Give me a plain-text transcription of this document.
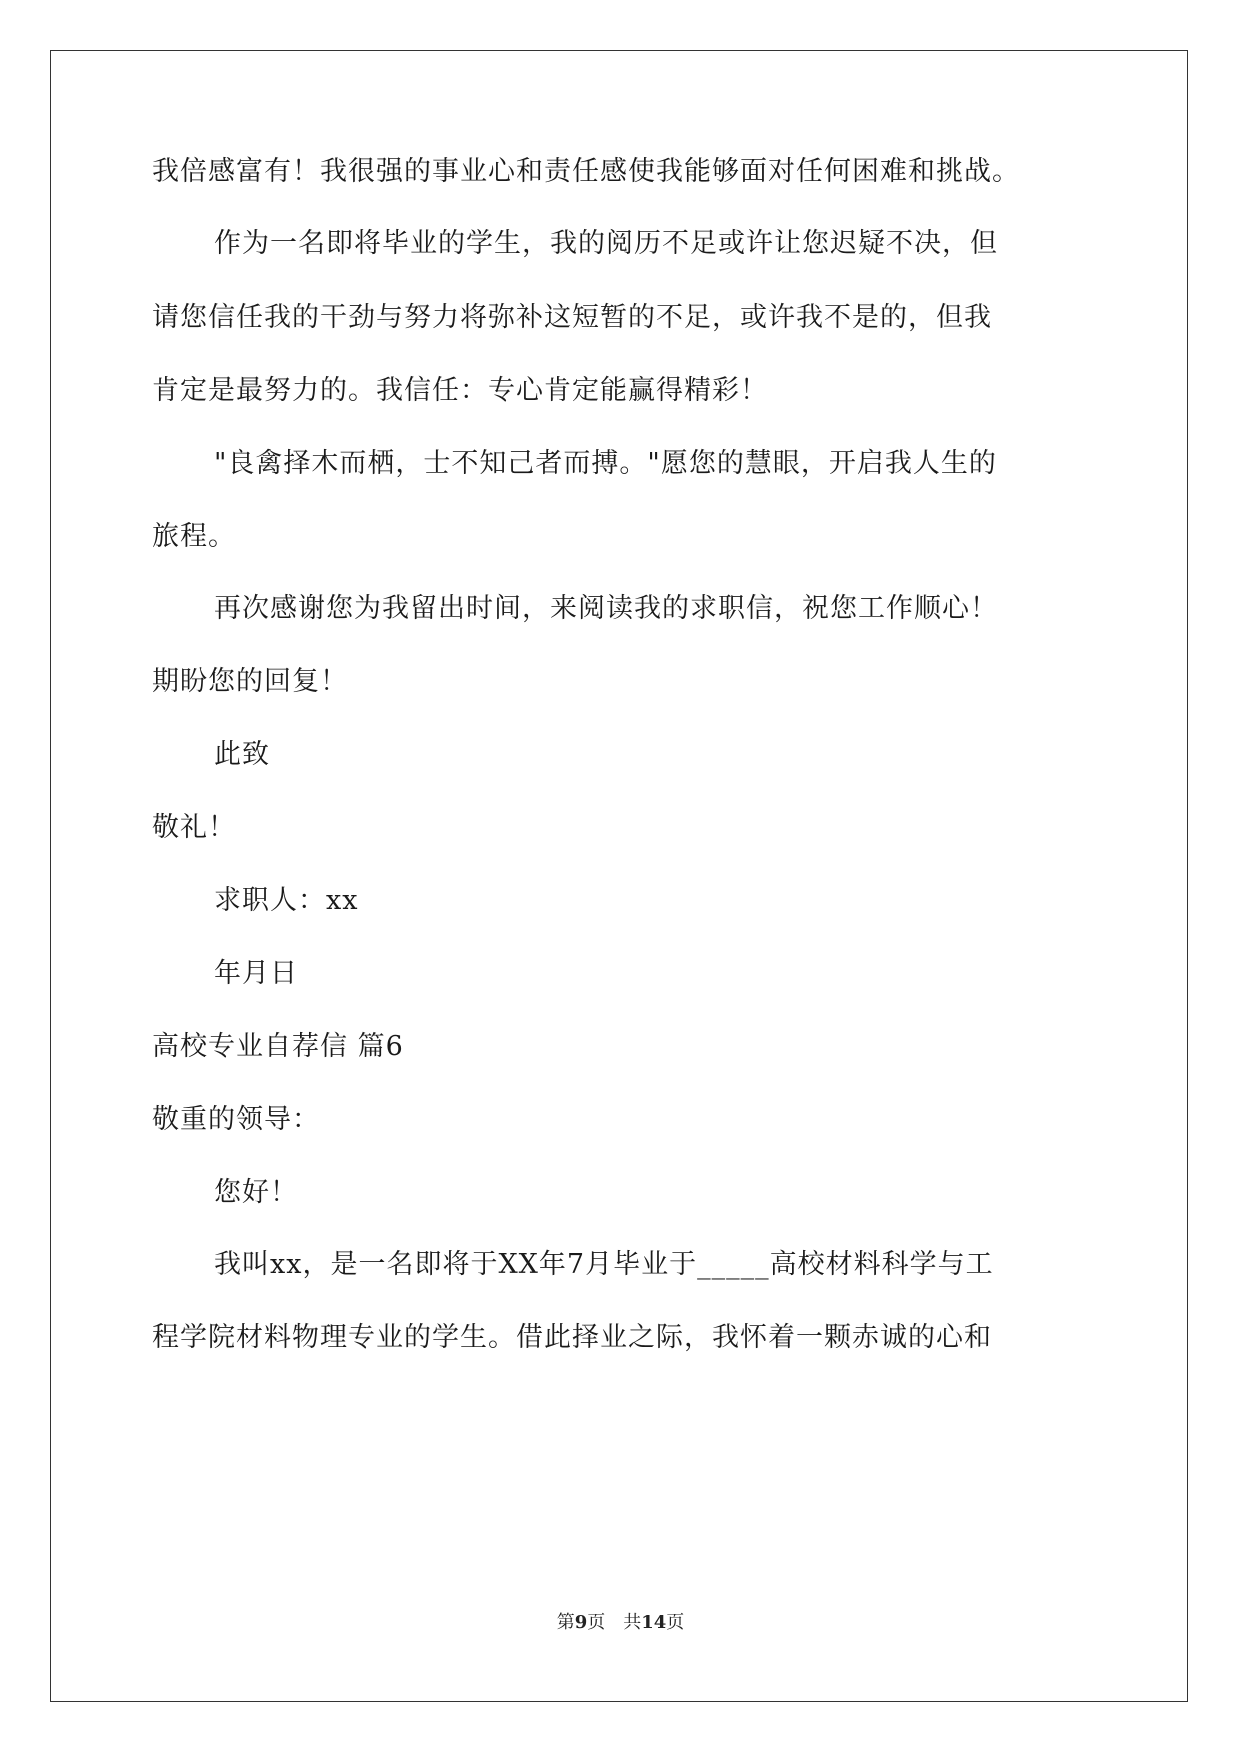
我倍感富有！我很强的事业心和责任感使我能够面对任何困难和挑战。
作为一名即将毕业的学生，我的阅历不足或许让您迟疑不决，但
请您信任我的干劲与努力将弥补这短暂的不足，或许我不是的，但我
肯定是最努力的。我信任：专心肯定能赢得精彩！
"良禽择木而栖，士不知己者而搏。"愿您的慧眼，开启我人生的
旅程。
再次感谢您为我留出时间，来阅读我的求职信，祝您工作顺心！
期盼您的回复！
此致
敬礼！
求职人：xx
年月日
高校专业自荐信 篇6
敬重的领导：
您好！
我叫xx，是一名即将于XX年7月毕业于_____高校材料科学与工
程学院材料物理专业的学生。借此择业之际，我怀着一颗赤诚的心和
第9页 共14页
